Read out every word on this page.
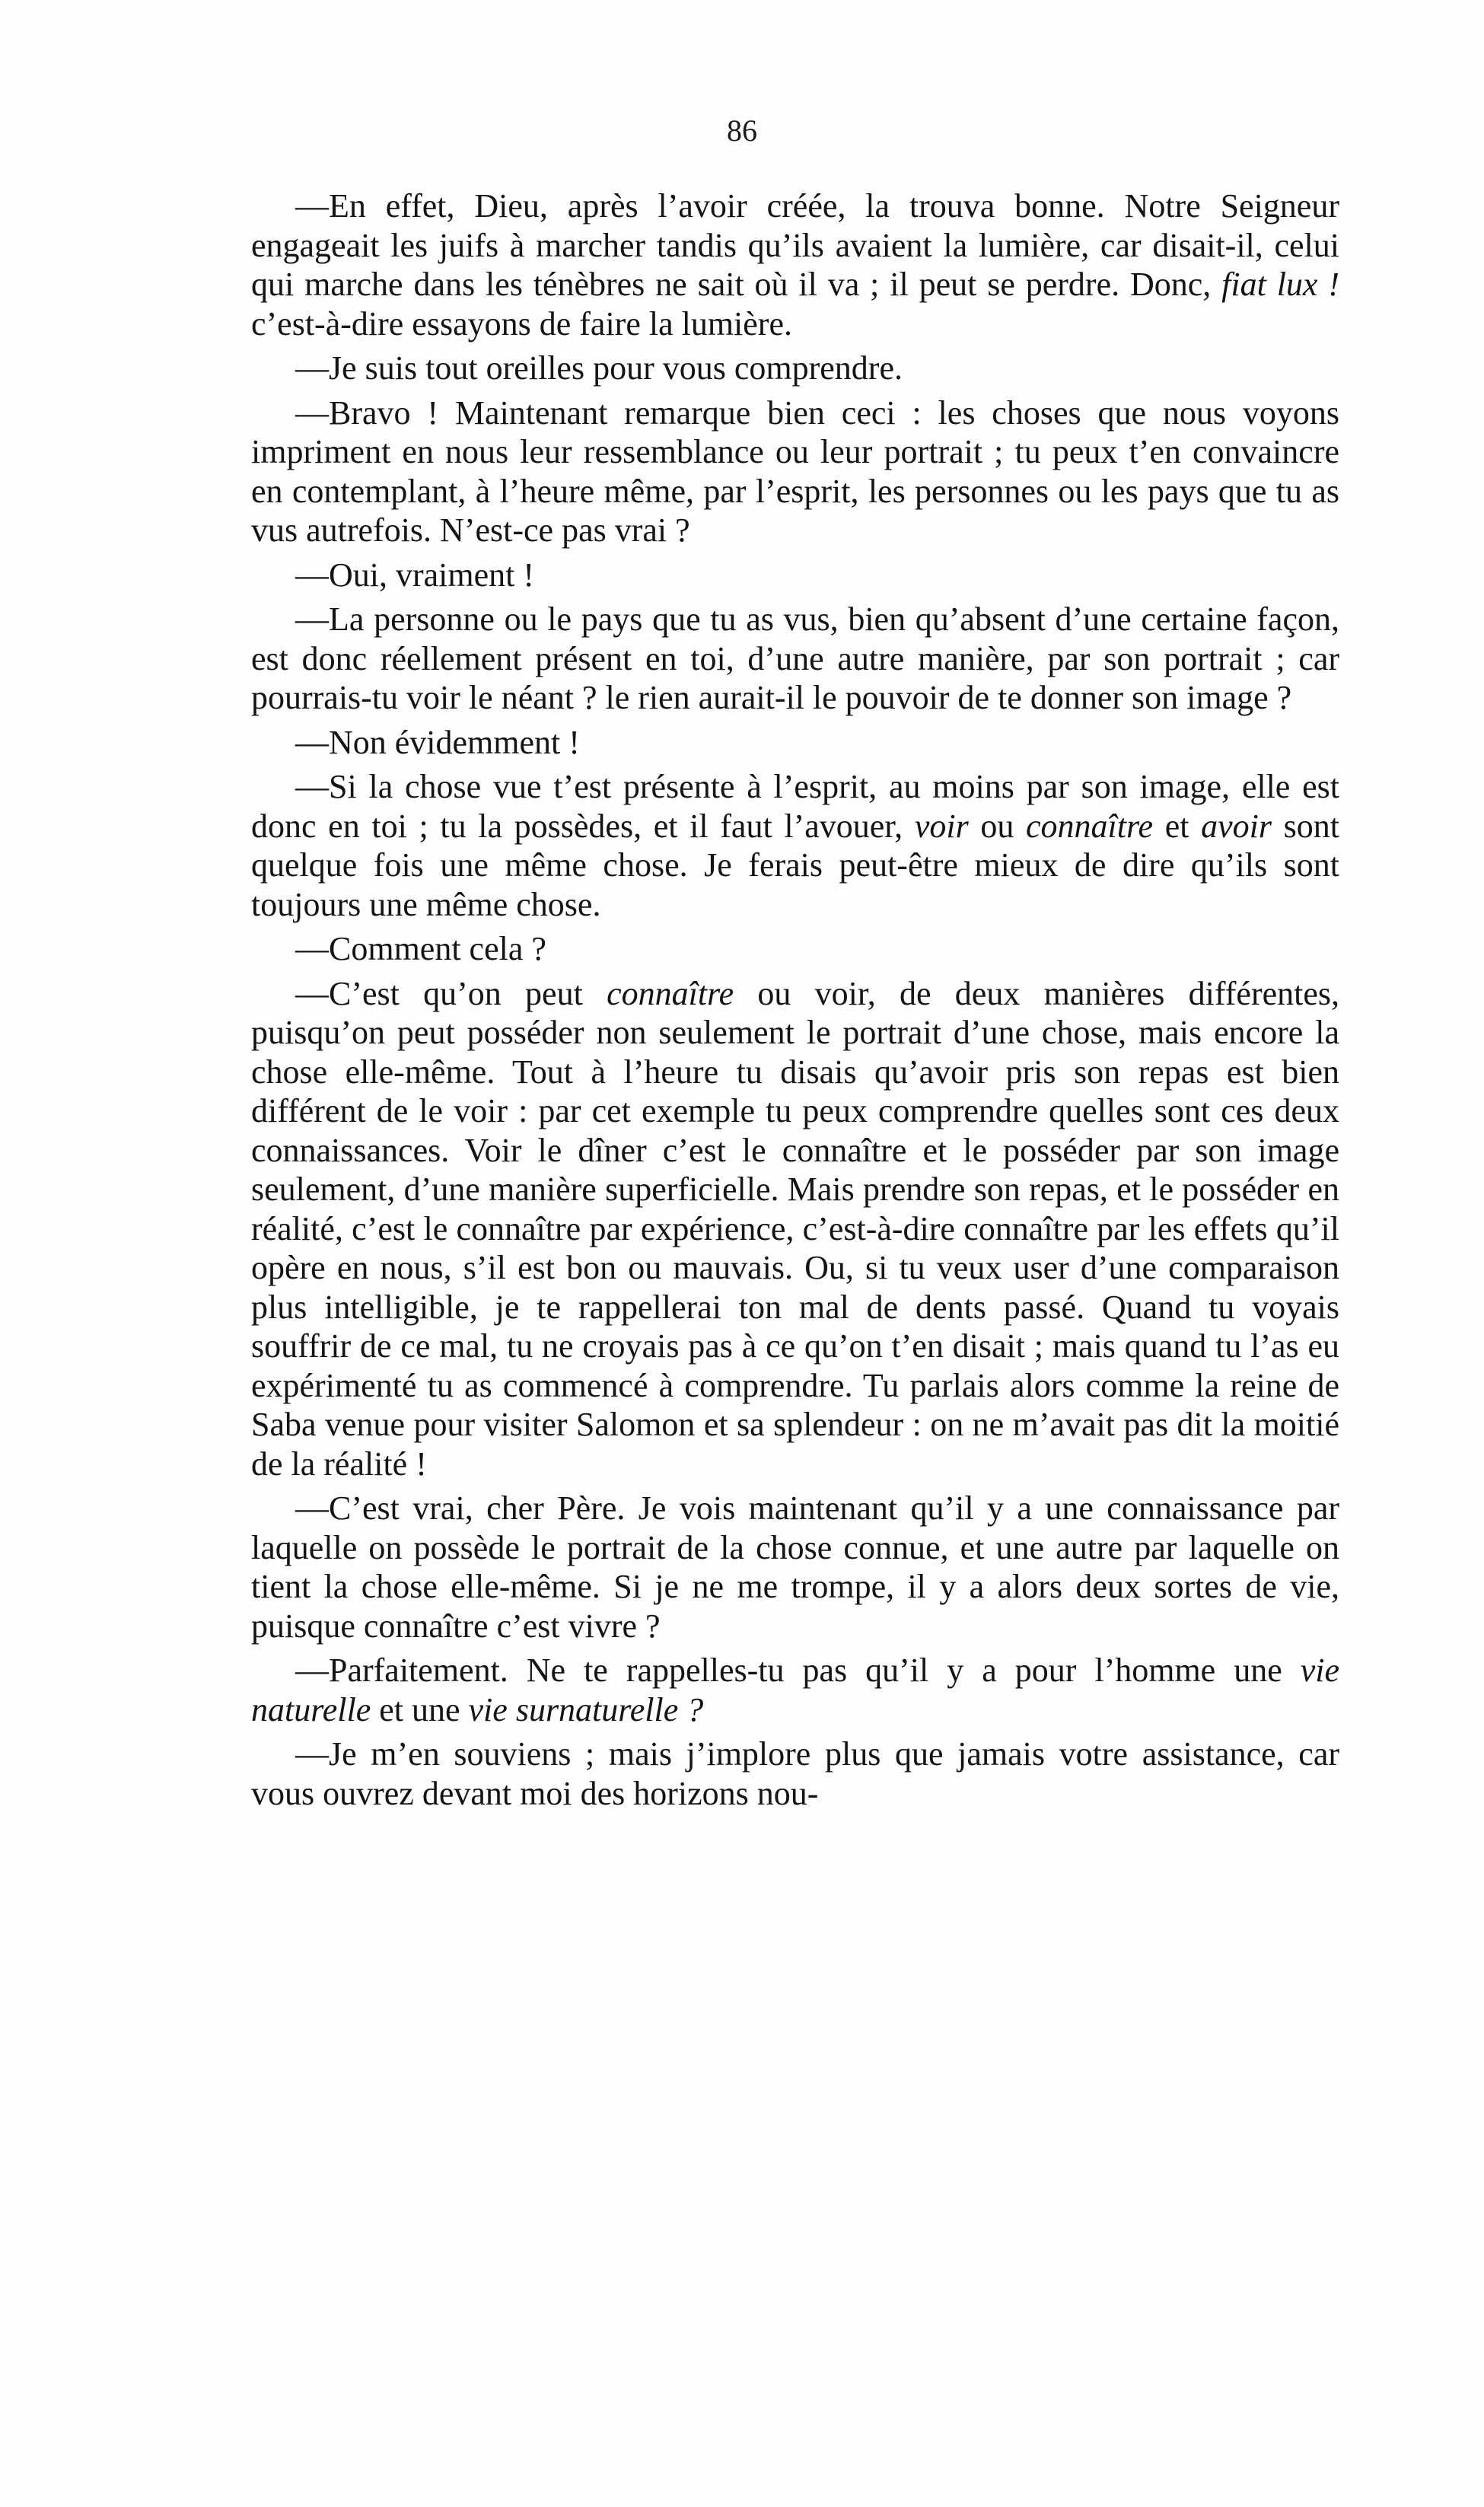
86

—En effet, Dieu, après l’avoir créée, la trouva bonne. Notre Seigneur engageait les juifs à marcher tandis qu’ils avaient la lumière, car disait-il, celui qui marche dans les ténèbres ne sait où il va ; il peut se perdre. Donc, fiat lux ! c’est-à-dire essayons de faire la lumière.

—Je suis tout oreilles pour vous comprendre.

—Bravo ! Maintenant remarque bien ceci : les choses que nous voyons impriment en nous leur ressemblance ou leur portrait ; tu peux t’en convaincre en contemplant, à l’heure même, par l’esprit, les personnes ou les pays que tu as vus autrefois. N’est-ce pas vrai ?

—Oui, vraiment !

—La personne ou le pays que tu as vus, bien qu’absent d’une certaine façon, est donc réellement présent en toi, d’une autre manière, par son portrait ; car pourrais-tu voir le néant ? le rien aurait-il le pouvoir de te donner son image ?

—Non évidemment !

—Si la chose vue t’est présente à l’esprit, au moins par son image, elle est donc en toi ; tu la possèdes, et il faut l’avouer, voir ou connaître et avoir sont quelque fois une même chose. Je ferais peut-être mieux de dire qu’ils sont toujours une même chose.

—Comment cela ?

—C’est qu’on peut connaître ou voir, de deux manières différentes, puisqu’on peut posséder non seulement le portrait d’une chose, mais encore la chose elle-même. Tout à l’heure tu disais qu’avoir pris son repas est bien différent de le voir : par cet exemple tu peux comprendre quelles sont ces deux connaissances. Voir le dîner c’est le connaître et le posséder par son image seulement, d’une manière superficielle. Mais prendre son repas, et le posséder en réalité, c’est le connaître par expérience, c’est-à-dire connaître par les effets qu’il opère en nous, s’il est bon ou mauvais. Ou, si tu veux user d’une comparaison plus intelligible, je te rappellerai ton mal de dents passé. Quand tu voyais souffrir de ce mal, tu ne croyais pas à ce qu’on t’en disait ; mais quand tu l’as eu expérimenté tu as commencé à comprendre. Tu parlais alors comme la reine de Saba venue pour visiter Salomon et sa splendeur : on ne m’avait pas dit la moitié de la réalité !

—C’est vrai, cher Père. Je vois maintenant qu’il y a une connaissance par laquelle on possède le portrait de la chose connue, et une autre par laquelle on tient la chose elle-même. Si je ne me trompe, il y a alors deux sortes de vie, puisque connaître c’est vivre ?

—Parfaitement. Ne te rappelles-tu pas qu’il y a pour l’homme une vie naturelle et une vie surnaturelle ?

—Je m’en souviens ; mais j’implore plus que jamais votre assistance, car vous ouvrez devant moi des horizons nou-
